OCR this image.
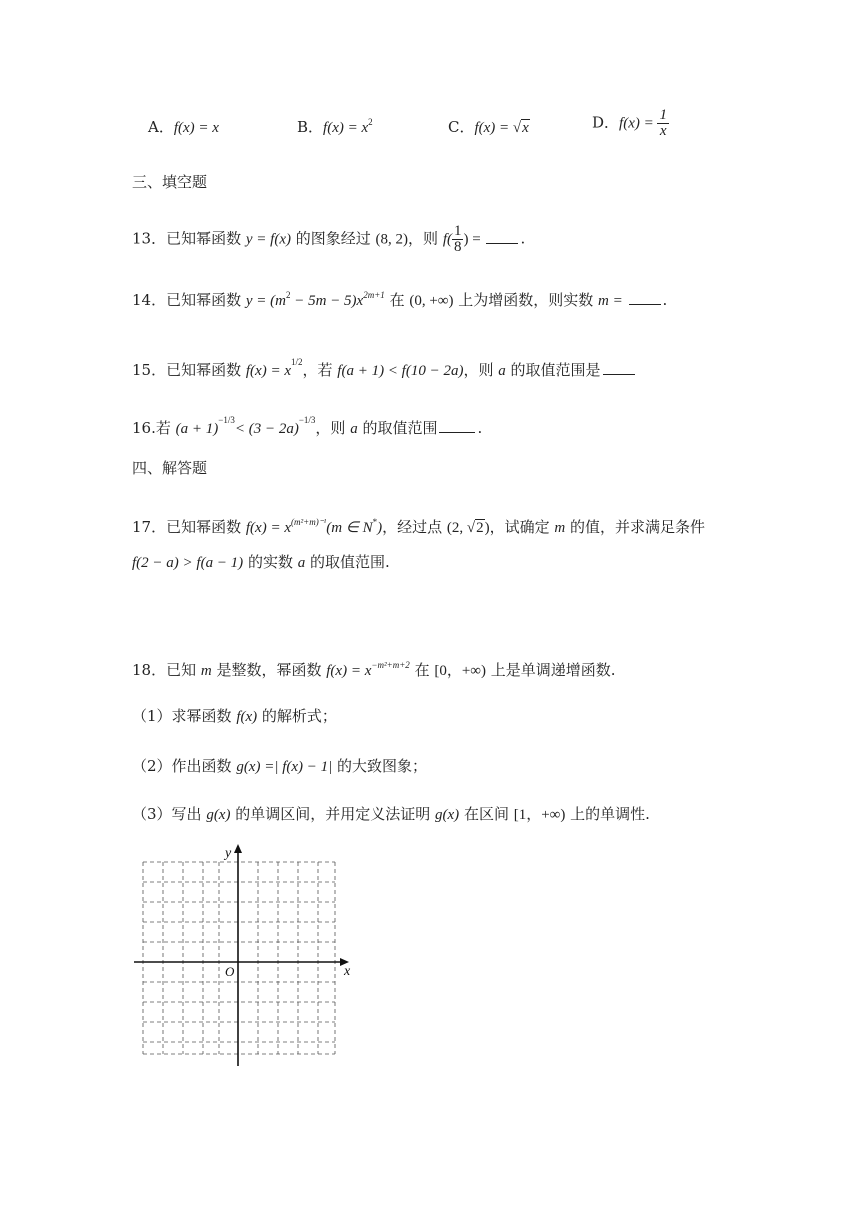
A．f(x) = x	B．$f(x) = x^2$	C．f(x) = √x	D．$f(x) = \frac{1}{x}$
三、填空题
13．已知幂函数 y = f(x) 的图象经过 (8, 2)，则 $f( \frac{1}{8}$ ) = .
14．已知幂函数 $y = (m^2 - 5m - 5)x^{2m+1}$ 在 (0, +∞) 上为增函数，则实数 m = .
15．已知幂函数 $f(x) = x^{1/2}$，若 f(a + 1) < f(10 − 2a)，则 a 的取值范围是
16.若 $(a + 1)^{-1/3}< (3 - 2a)^{-1/3}$，则 a 的取值范围	.
四、解答题
17．已知幂函数 $f(x) = x^{(m^2+m)^{-1}}(m$ ∈ N*)，经过点 (2, √2)，试确定 m 的值，并求满足条件
f(2 − a) > f(a − 1) 的实数 a 的取值范围.
18．已知 m 是整数，幂函数 $f(x) = x^{-m^2+m+2}$ 在 [0，+∞) 上是单调递增函数.
（1）求幂函数 f(x) 的解析式；
（2）作出函数 g(x) =| f(x) − 1| 的大致图象；
（3）写出 g(x) 的单调区间，并用定义法证明 g(x) 在区间 [1，+∞) 上的单调性.
y
x
O
